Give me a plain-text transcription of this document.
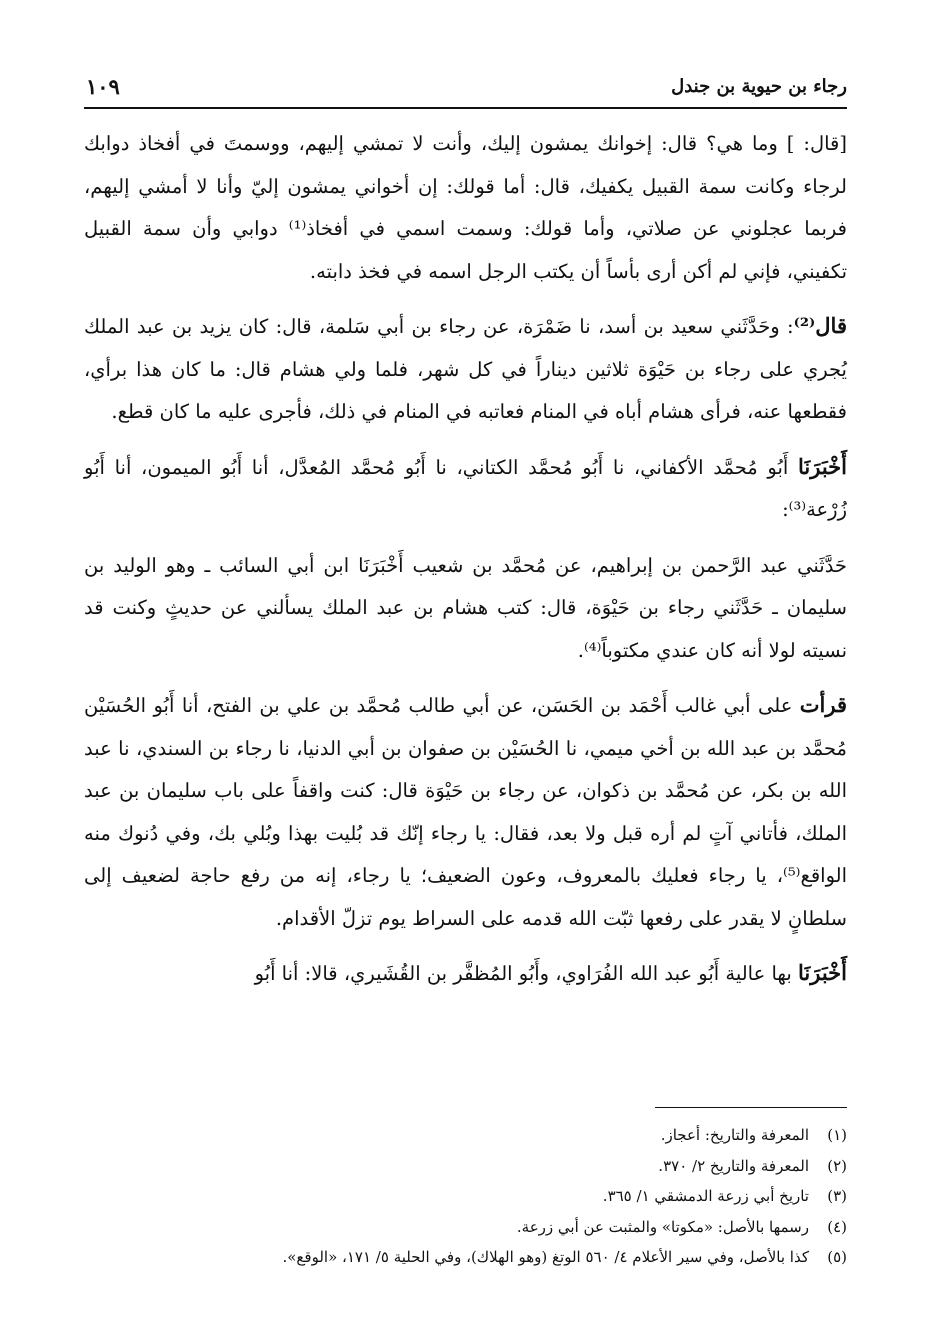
رجاء بن حيوية بن جندل
١٠٩

[قال: ] وما هي؟ قال: إخوانك يمشون إليك، وأنت لا تمشي إليهم، ووسمتَ في أفخاذ دوابك لرجاء وكانت سمة القبيل يكفيك، قال: أما قولك: إن أخواني يمشون إليّ وأنا لا أمشي إليهم، فربما عجلوني عن صلاتي، وأما قولك: وسمت اسمي في أفخاذ⁽¹⁾ دوابي وأن سمة القبيل تكفيني، فإني لم أكن أرى بأساً أن يكتب الرجل اسمه في فخذ دابته.

قال⁽²⁾: وحَدَّثَني سعيد بن أسد، نا ضَمْرَة، عن رجاء بن أبي سَلمة، قال: كان يزيد بن عبد الملك يُجري على رجاء بن حَيْوَة ثلاثين ديناراً في كل شهر، فلما ولي هشام قال: ما كان هذا برأي، فقطعها عنه، فرأى هشام أباه في المنام فعاتبه في المنام في ذلك، فأجرى عليه ما كان قطع.

أَخْبَرَنَا أَبُو مُحمَّد الأكفاني، نا أَبُو مُحمَّد الكتاني، نا أَبُو مُحمَّد المُعدَّل، أنا أَبُو الميمون، أنا أَبُو زُرْعة⁽³⁾:

حَدَّثَني عبد الرَّحمن بن إبراهيم، عن مُحمَّد بن شعيب أَخْبَرَنَا ابن أبي السائب ـ وهو الوليد بن سليمان ـ حَدَّثَني رجاء بن حَيْوَة، قال: كتب هشام بن عبد الملك يسألني عن حديثٍ وكنت قد نسيته لولا أنه كان عندي مكتوباً⁽⁴⁾.

قرأت على أبي غالب أَحْمَد بن الحَسَن، عن أبي طالب مُحمَّد بن علي بن الفتح، أنا أَبُو الحُسَيْن مُحمَّد بن عبد الله بن أخي ميمي، نا الحُسَيْن بن صفوان بن أبي الدنيا، نا رجاء بن السندي، نا عبد الله بن بكر، عن مُحمَّد بن ذكوان، عن رجاء بن حَيْوَة قال: كنت واقفاً على باب سليمان بن عبد الملك، فأتاني آتٍ لم أره قبل ولا بعد، فقال: يا رجاء إنّك قد بُليت بهذا وبُلي بك، وفي دُنوك منه الواقع⁽⁵⁾، يا رجاء فعليك بالمعروف، وعون الضعيف؛ يا رجاء، إنه من رفع حاجة لضعيف إلى سلطانٍ لا يقدر على رفعها ثبّت الله قدمه على السراط يوم تزلّ الأقدام.

أَخْبَرَنَا بها عالية أَبُو عبد الله الفُرَاوي، وأَبُو المُظفَّر بن القُشَيري، قالا: أنا أَبُو

(١)
المعرفة والتاريخ: أعجاز.
(٢)
المعرفة والتاريخ ٢/ ٣٧٠.
(٣)
تاريخ أبي زرعة الدمشقي ١/ ٣٦٥.
(٤)
رسمها بالأصل: «مكوتا» والمثبت عن أبي زرعة.
(٥)
كذا بالأصل، وفي سير الأعلام ٤/ ٥٦٠ الوتغ (وهو الهلاك)، وفي الحلية ٥/ ١٧١، «الوقع».
